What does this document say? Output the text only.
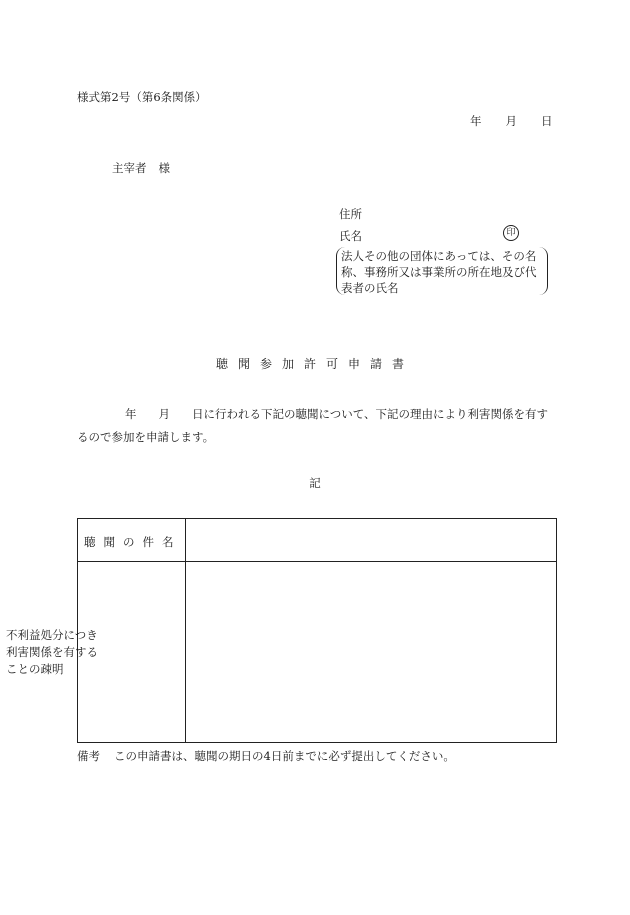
様式第2号（第6条関係）
年 月 日
主宰者 様
住所
氏名	印
法人その他の団体にあっては、その名称、事務所又は事業所の所在地及び代表者の氏名
聴聞参加許可申請書
年 月 日に行われる下記の聴聞について、下記の理由により利害関係を有するので参加を申請します。
記
聴聞の件名
不利益処分につき利害関係を有することの疎明
備考 この申請書は、聴聞の期日の4日前までに必ず提出してください。
